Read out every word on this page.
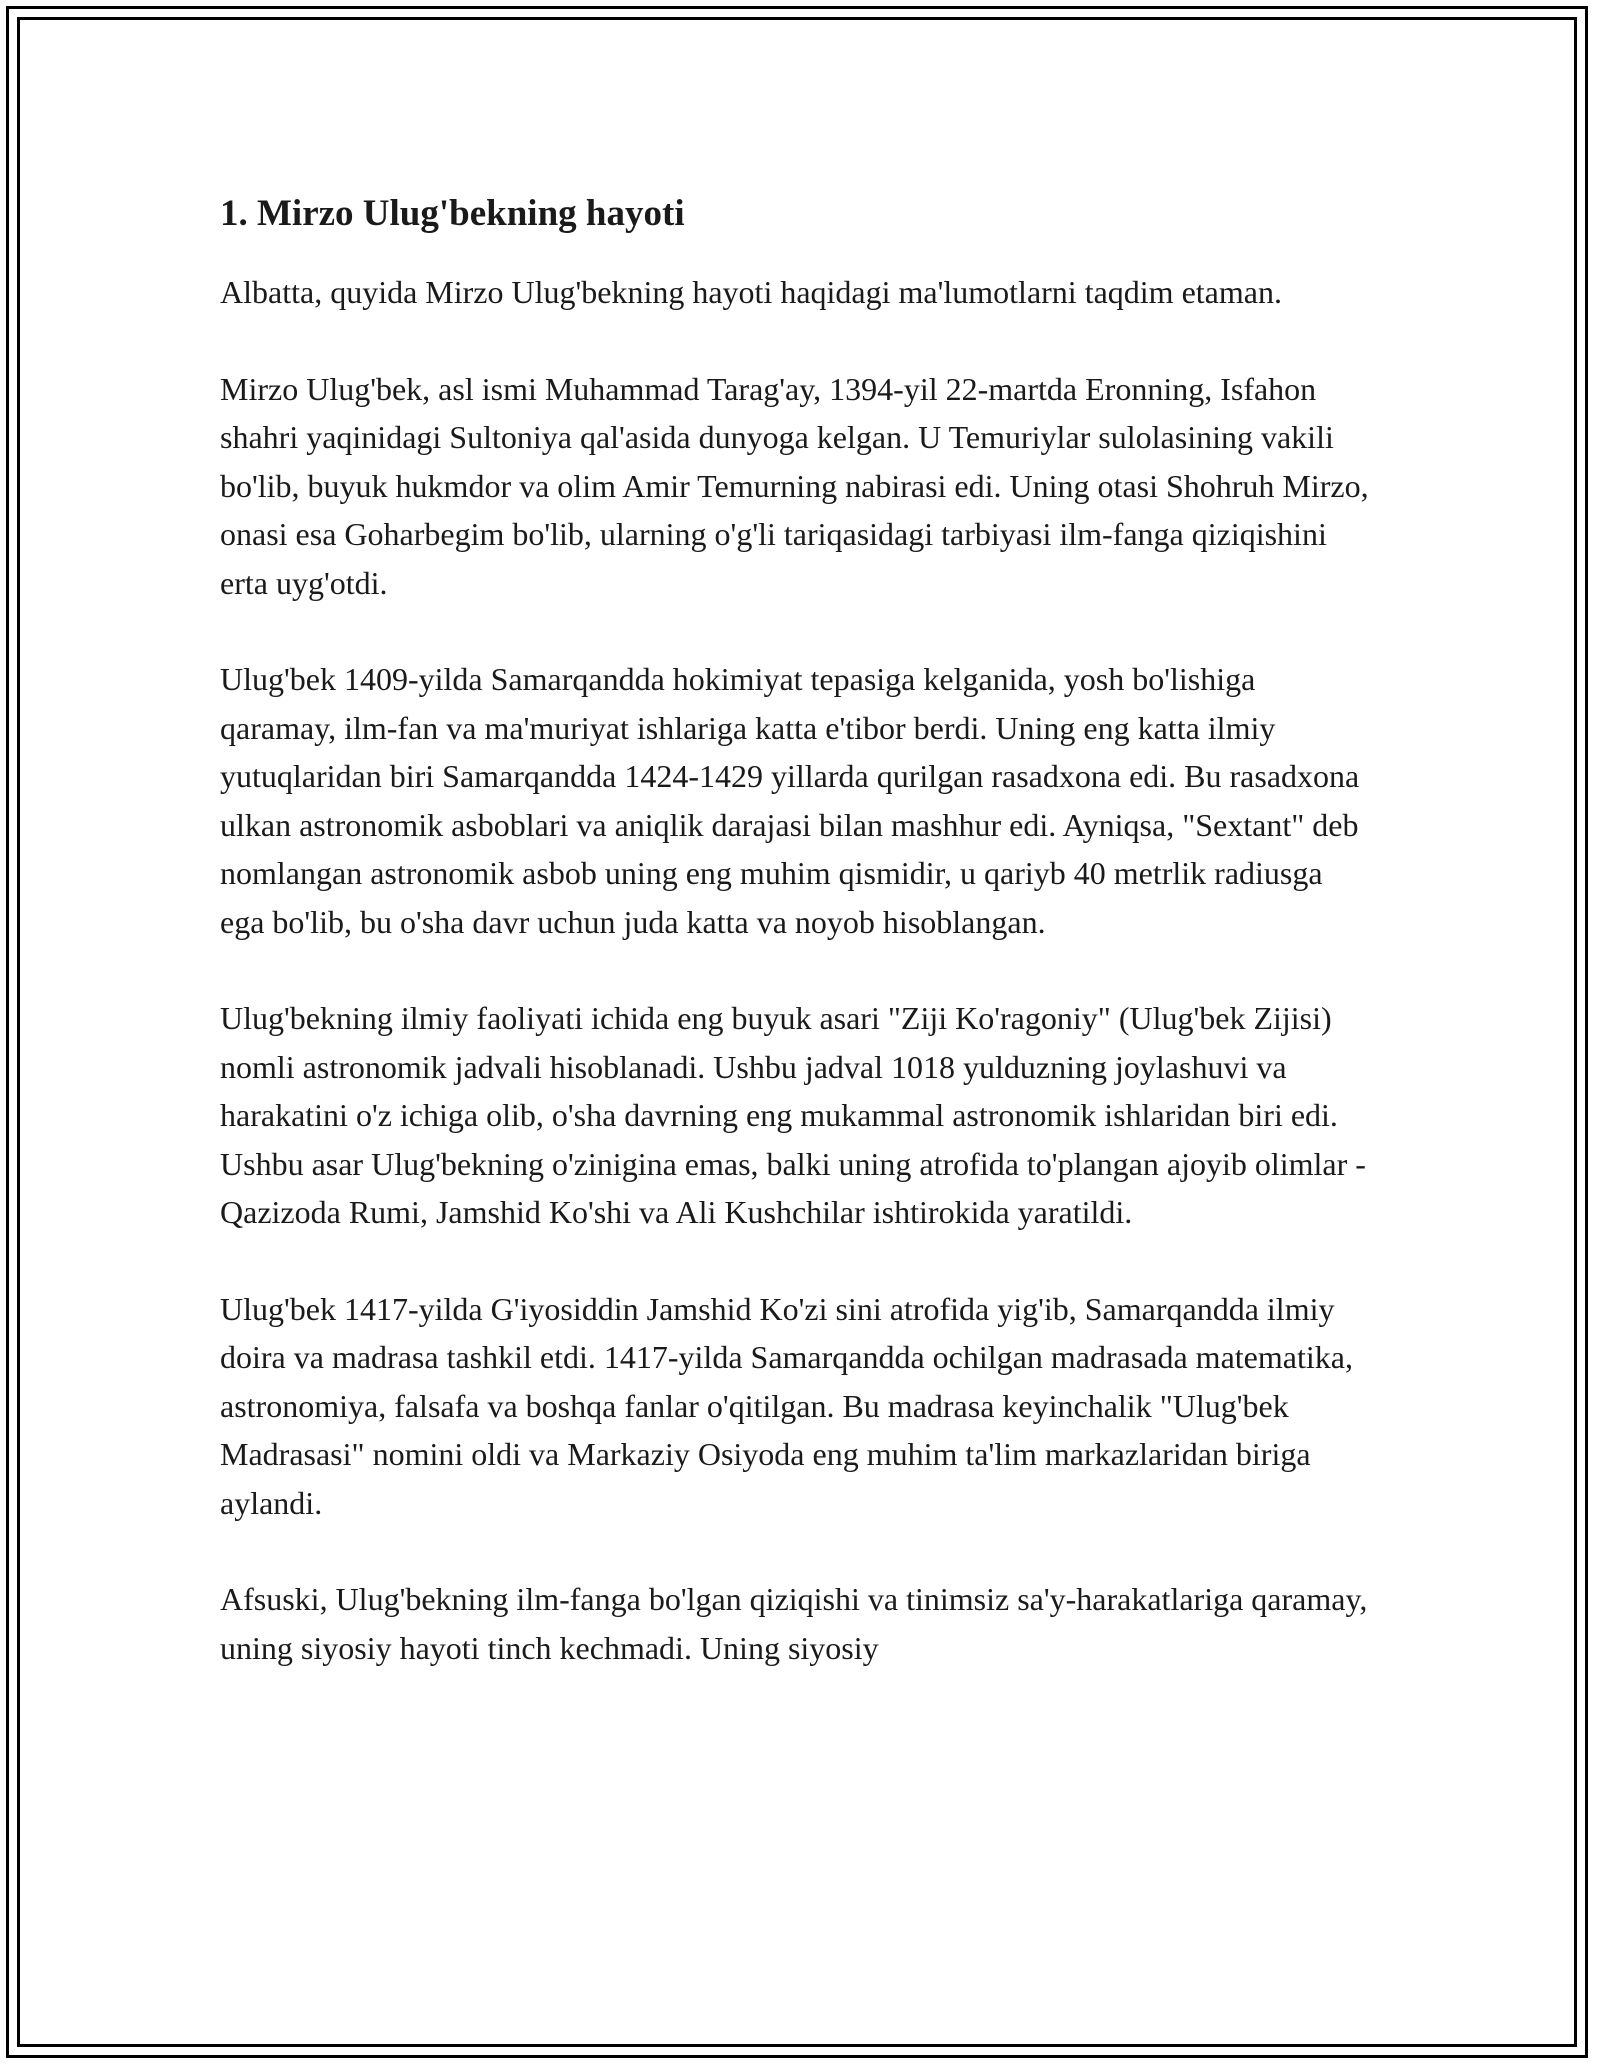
1. Mirzo Ulug'bekning hayoti

Albatta, quyida Mirzo Ulug'bekning hayoti haqidagi ma'lumotlarni taqdim etaman.

Mirzo Ulug'bek, asl ismi Muhammad Tarag'ay, 1394-yil 22-martda Eronning, Isfahon shahri yaqinidagi Sultoniya qal'asida dunyoga kelgan. U Temuriylar sulolasining vakili bo'lib, buyuk hukmdor va olim Amir Temurning nabirasi edi. Uning otasi Shohruh Mirzo, onasi esa Goharbegim bo'lib, ularning o'g'li tariqasidagi tarbiyasi ilm-fanga qiziqishini erta uyg'otdi.

Ulug'bek 1409-yilda Samarqandda hokimiyat tepasiga kelganida, yosh bo'lishiga qaramay, ilm-fan va ma'muriyat ishlariga katta e'tibor berdi. Uning eng katta ilmiy yutuqlaridan biri Samarqandda 1424-1429 yillarda qurilgan rasadxona edi. Bu rasadxona ulkan astronomik asboblari va aniqlik darajasi bilan mashhur edi. Ayniqsa, "Sextant" deb nomlangan astronomik asbob uning eng muhim qismidir, u qariyb 40 metrlik radiusga ega bo'lib, bu o'sha davr uchun juda katta va noyob hisoblangan.

Ulug'bekning ilmiy faoliyati ichida eng buyuk asari "Ziji Ko'ragoniy" (Ulug'bek Zijisi) nomli astronomik jadvali hisoblanadi. Ushbu jadval 1018 yulduzning joylashuvi va harakatini o'z ichiga olib, o'sha davrning eng mukammal astronomik ishlaridan biri edi. Ushbu asar Ulug'bekning o'zinigina emas, balki uning atrofida to'plangan ajoyib olimlar - Qazizoda Rumi, Jamshid Ko'shi va Ali Kushchilar ishtirokida yaratildi.

Ulug'bek 1417-yilda G'iyosiddin Jamshid Ko'zi sini atrofida yig'ib, Samarqandda ilmiy doira va madrasa tashkil etdi. 1417-yilda Samarqandda ochilgan madrasada matematika, astronomiya, falsafa va boshqa fanlar o'qitilgan. Bu madrasa keyinchalik "Ulug'bek Madrasasi" nomini oldi va Markaziy Osiyoda eng muhim ta'lim markazlaridan biriga aylandi.

Afsuski, Ulug'bekning ilm-fanga bo'lgan qiziqishi va tinimsiz sa'y-harakatlariga qaramay, uning siyosiy hayoti tinch kechmadi. Uning siyosiy
